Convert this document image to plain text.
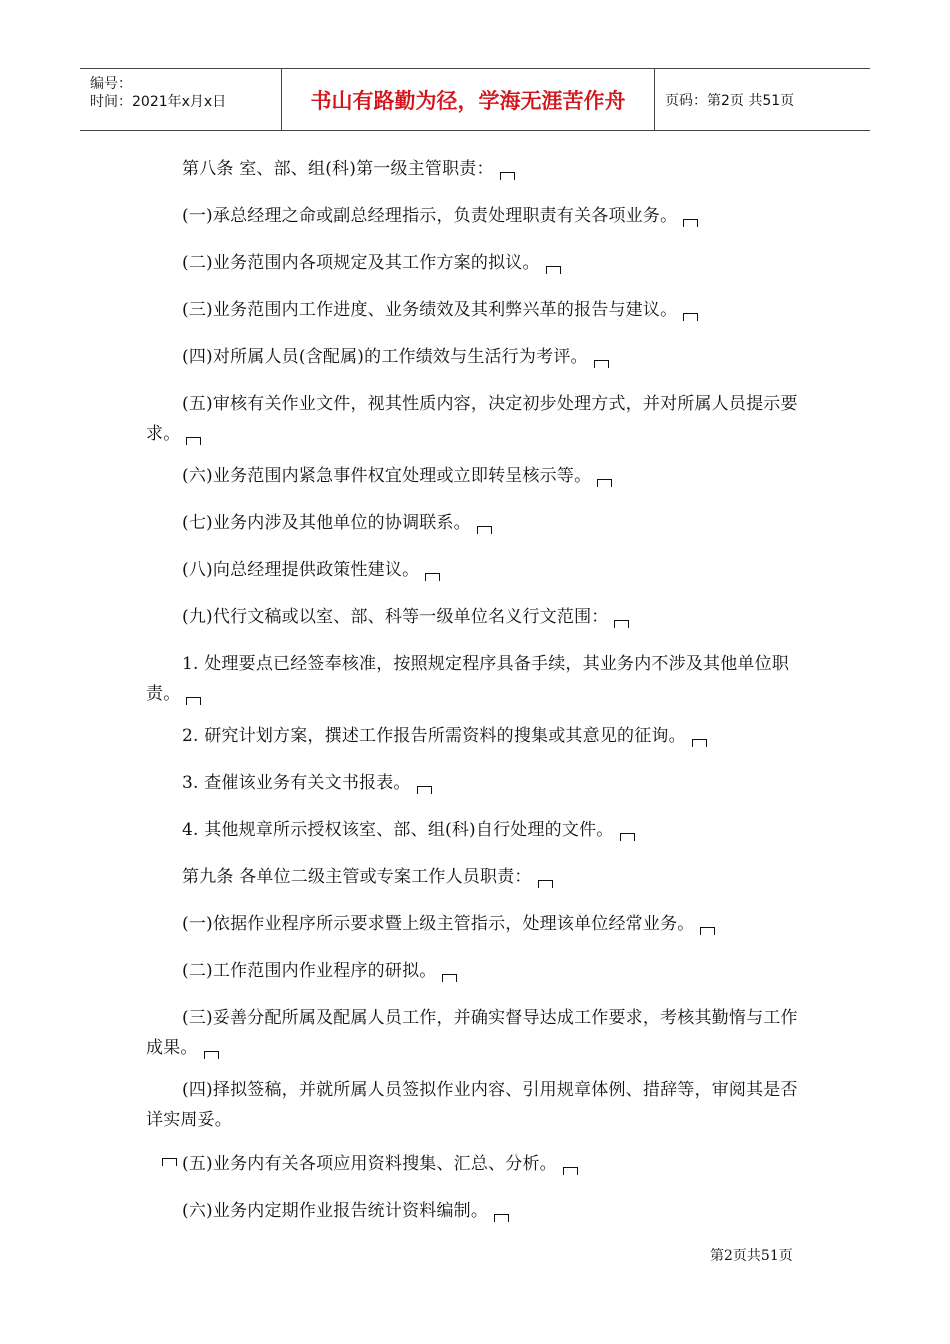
编号：
时间：2021年x月x日	书山有路勤为径，学海无涯苦作舟	页码：第2页 共51页
第八条 室、部、组(科)第一级主管职责：
(一)承总经理之命或副总经理指示，负责处理职责有关各项业务。
(二)业务范围内各项规定及其工作方案的拟议。
(三)业务范围内工作进度、业务绩效及其利弊兴革的报告与建议。
(四)对所属人员(含配属)的工作绩效与生活行为考评。
(五)审核有关作业文件，视其性质内容，决定初步处理方式，并对所属人员提示要求。
(六)业务范围内紧急事件权宜处理或立即转呈核示等。
(七)业务内涉及其他单位的协调联系。
(八)向总经理提供政策性建议。
(九)代行文稿或以室、部、科等一级单位名义行文范围：
1. 处理要点已经签奉核准，按照规定程序具备手续，其业务内不涉及其他单位职责。
2. 研究计划方案，撰述工作报告所需资料的搜集或其意见的征询。
3. 查催该业务有关文书报表。
4. 其他规章所示授权该室、部、组(科)自行处理的文件。
第九条 各单位二级主管或专案工作人员职责：
(一)依据作业程序所示要求暨上级主管指示，处理该单位经常业务。
(二)工作范围内作业程序的研拟。
(三)妥善分配所属及配属人员工作，并确实督导达成工作要求，考核其勤惰与工作成果。
(四)择拟签稿，并就所属人员签拟作业内容、引用规章体例、措辞等，审阅其是否详实周妥。
(五)业务内有关各项应用资料搜集、汇总、分析。
(六)业务内定期作业报告统计资料编制。
第2页共51页
